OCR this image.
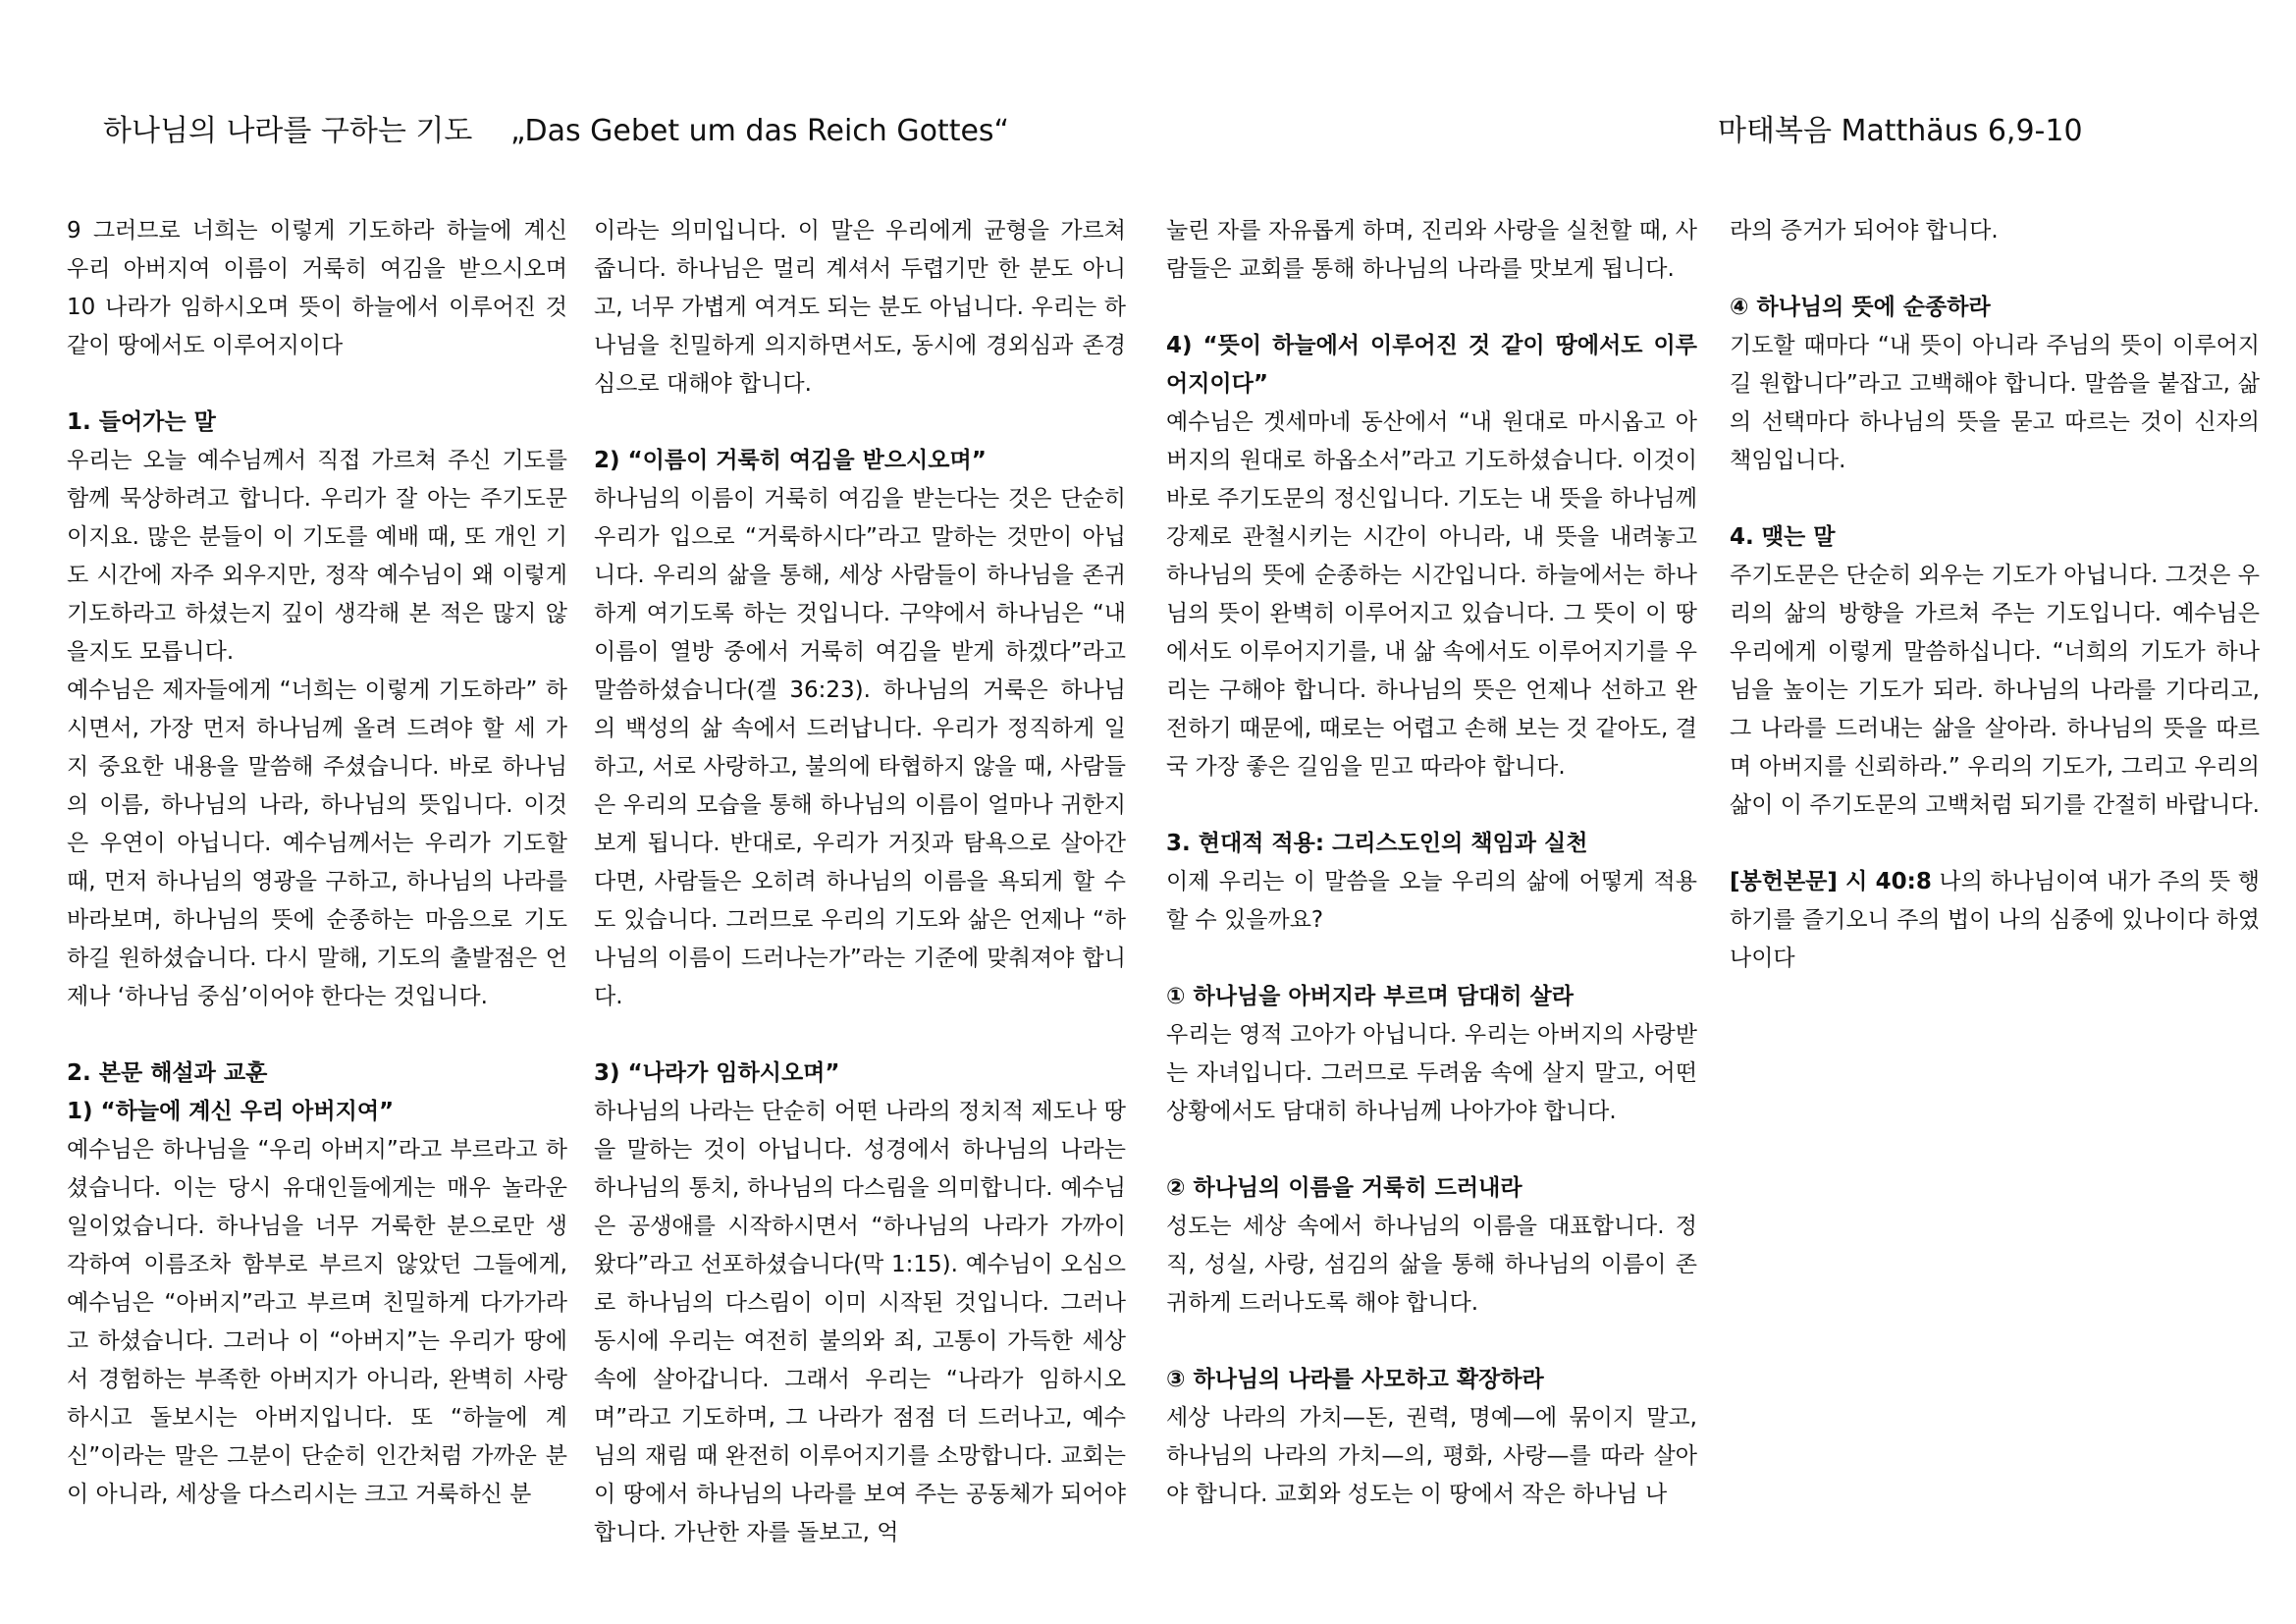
하나님의 나라를 구하는 기도 „Das Gebet um das Reich Gottes“	마태복음 Matthäus 6,9-10

9 그러므로 너희는 이렇게 기도하라 하늘에 계신 우리 아버지여 이름이 거룩히 여김을 받으시오며 10 나라가 임하시오며 뜻이 하늘에서 이루어진 것 같이 땅에서도 이루어지이다

1. 들어가는 말

우리는 오늘 예수님께서 직접 가르쳐 주신 기도를 함께 묵상하려고 합니다. 우리가 잘 아는 주기도문이지요. 많은 분들이 이 기도를 예배 때, 또 개인 기도 시간에 자주 외우지만, 정작 예수님이 왜 이렇게 기도하라고 하셨는지 깊이 생각해 본 적은 많지 않을지도 모릅니다.

예수님은 제자들에게 “너희는 이렇게 기도하라” 하시면서, 가장 먼저 하나님께 올려 드려야 할 세 가지 중요한 내용을 말씀해 주셨습니다. 바로 하나님의 이름, 하나님의 나라, 하나님의 뜻입니다. 이것은 우연이 아닙니다. 예수님께서는 우리가 기도할 때, 먼저 하나님의 영광을 구하고, 하나님의 나라를 바라보며, 하나님의 뜻에 순종하는 마음으로 기도하길 원하셨습니다. 다시 말해, 기도의 출발점은 언제나 ‘하나님 중심’이어야 한다는 것입니다.

2. 본문 해설과 교훈

1) “하늘에 계신 우리 아버지여”

예수님은 하나님을 “우리 아버지”라고 부르라고 하셨습니다. 이는 당시 유대인들에게는 매우 놀라운 일이었습니다. 하나님을 너무 거룩한 분으로만 생각하여 이름조차 함부로 부르지 않았던 그들에게, 예수님은 “아버지”라고 부르며 친밀하게 다가가라고 하셨습니다. 그러나 이 “아버지”는 우리가 땅에서 경험하는 부족한 아버지가 아니라, 완벽히 사랑하시고 돌보시는 아버지입니다. 또 “하늘에 계신”이라는 말은 그분이 단순히 인간처럼 가까운 분이 아니라, 세상을 다스리시는 크고 거룩하신 분

이라는 의미입니다. 이 말은 우리에게 균형을 가르쳐 줍니다. 하나님은 멀리 계셔서 두렵기만 한 분도 아니고, 너무 가볍게 여겨도 되는 분도 아닙니다. 우리는 하나님을 친밀하게 의지하면서도, 동시에 경외심과 존경심으로 대해야 합니다.

2) “이름이 거룩히 여김을 받으시오며”

하나님의 이름이 거룩히 여김을 받는다는 것은 단순히 우리가 입으로 “거룩하시다”라고 말하는 것만이 아닙니다. 우리의 삶을 통해, 세상 사람들이 하나님을 존귀하게 여기도록 하는 것입니다. 구약에서 하나님은 “내 이름이 열방 중에서 거룩히 여김을 받게 하겠다”라고 말씀하셨습니다(겔 36:23). 하나님의 거룩은 하나님의 백성의 삶 속에서 드러납니다. 우리가 정직하게 일하고, 서로 사랑하고, 불의에 타협하지 않을 때, 사람들은 우리의 모습을 통해 하나님의 이름이 얼마나 귀한지 보게 됩니다. 반대로, 우리가 거짓과 탐욕으로 살아간다면, 사람들은 오히려 하나님의 이름을 욕되게 할 수도 있습니다. 그러므로 우리의 기도와 삶은 언제나 “하나님의 이름이 드러나는가”라는 기준에 맞춰져야 합니다.

3) “나라가 임하시오며”

하나님의 나라는 단순히 어떤 나라의 정치적 제도나 땅을 말하는 것이 아닙니다. 성경에서 하나님의 나라는 하나님의 통치, 하나님의 다스림을 의미합니다. 예수님은 공생애를 시작하시면서 “하나님의 나라가 가까이 왔다”라고 선포하셨습니다(막 1:15). 예수님이 오심으로 하나님의 다스림이 이미 시작된 것입니다. 그러나 동시에 우리는 여전히 불의와 죄, 고통이 가득한 세상 속에 살아갑니다. 그래서 우리는 “나라가 임하시오며”라고 기도하며, 그 나라가 점점 더 드러나고, 예수님의 재림 때 완전히 이루어지기를 소망합니다. 교회는 이 땅에서 하나님의 나라를 보여 주는 공동체가 되어야 합니다. 가난한 자를 돌보고, 억

눌린 자를 자유롭게 하며, 진리와 사랑을 실천할 때, 사람들은 교회를 통해 하나님의 나라를 맛보게 됩니다.

4) “뜻이 하늘에서 이루어진 것 같이 땅에서도 이루어지이다”

예수님은 겟세마네 동산에서 “내 원대로 마시옵고 아버지의 원대로 하옵소서”라고 기도하셨습니다. 이것이 바로 주기도문의 정신입니다. 기도는 내 뜻을 하나님께 강제로 관철시키는 시간이 아니라, 내 뜻을 내려놓고 하나님의 뜻에 순종하는 시간입니다. 하늘에서는 하나님의 뜻이 완벽히 이루어지고 있습니다. 그 뜻이 이 땅에서도 이루어지기를, 내 삶 속에서도 이루어지기를 우리는 구해야 합니다. 하나님의 뜻은 언제나 선하고 완전하기 때문에, 때로는 어렵고 손해 보는 것 같아도, 결국 가장 좋은 길임을 믿고 따라야 합니다.

3. 현대적 적용: 그리스도인의 책임과 실천

이제 우리는 이 말씀을 오늘 우리의 삶에 어떻게 적용할 수 있을까요?

① 하나님을 아버지라 부르며 담대히 살라

우리는 영적 고아가 아닙니다. 우리는 아버지의 사랑받는 자녀입니다. 그러므로 두려움 속에 살지 말고, 어떤 상황에서도 담대히 하나님께 나아가야 합니다.

② 하나님의 이름을 거룩히 드러내라

성도는 세상 속에서 하나님의 이름을 대표합니다. 정직, 성실, 사랑, 섬김의 삶을 통해 하나님의 이름이 존귀하게 드러나도록 해야 합니다.

③ 하나님의 나라를 사모하고 확장하라

세상 나라의 가치—돈, 권력, 명예—에 묶이지 말고, 하나님의 나라의 가치—의, 평화, 사랑—를 따라 살아야 합니다. 교회와 성도는 이 땅에서 작은 하나님 나

라의 증거가 되어야 합니다.

④ 하나님의 뜻에 순종하라

기도할 때마다 “내 뜻이 아니라 주님의 뜻이 이루어지길 원합니다”라고 고백해야 합니다. 말씀을 붙잡고, 삶의 선택마다 하나님의 뜻을 묻고 따르는 것이 신자의 책임입니다.

4. 맺는 말

주기도문은 단순히 외우는 기도가 아닙니다. 그것은 우리의 삶의 방향을 가르쳐 주는 기도입니다. 예수님은 우리에게 이렇게 말씀하십니다. “너희의 기도가 하나님을 높이는 기도가 되라. 하나님의 나라를 기다리고, 그 나라를 드러내는 삶을 살아라. 하나님의 뜻을 따르며 아버지를 신뢰하라.” 우리의 기도가, 그리고 우리의 삶이 이 주기도문의 고백처럼 되기를 간절히 바랍니다.

[봉헌본문] 시 40:8 나의 하나님이여 내가 주의 뜻 행하기를 즐기오니 주의 법이 나의 심중에 있나이다 하였나이다
